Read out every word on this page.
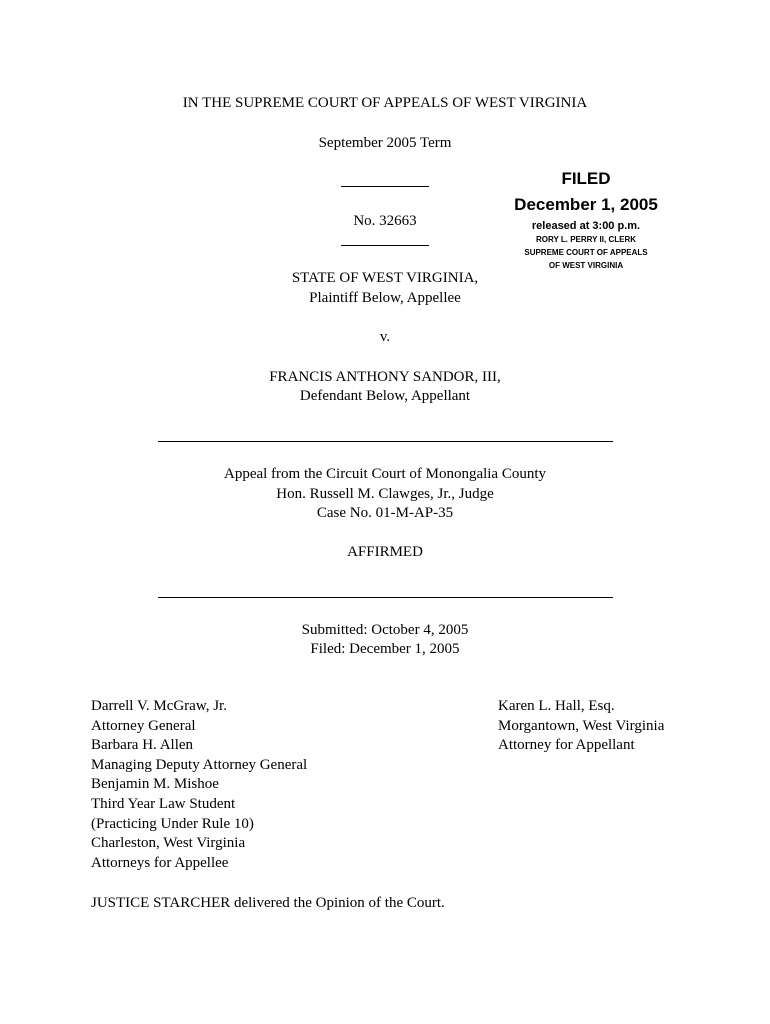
IN THE SUPREME COURT OF APPEALS OF WEST VIRGINIA
September 2005 Term
No. 32663
FILED
December 1, 2005
released at 3:00 p.m.
RORY L. PERRY II, CLERK
SUPREME COURT OF APPEALS
OF WEST VIRGINIA
STATE OF WEST VIRGINIA,
Plaintiff Below, Appellee
v.
FRANCIS ANTHONY SANDOR, III,
Defendant Below, Appellant
Appeal from the Circuit Court of Monongalia County
Hon. Russell M. Clawges, Jr., Judge
Case No. 01-M-AP-35
AFFIRMED
Submitted: October 4, 2005
Filed: December 1, 2005
Darrell V. McGraw, Jr.
Attorney General
Barbara H. Allen
Managing Deputy Attorney General
Benjamin M. Mishoe
Third Year Law Student
(Practicing Under Rule 10)
Charleston, West Virginia
Attorneys for Appellee
Karen L. Hall, Esq.
Morgantown, West Virginia
Attorney for Appellant
JUSTICE STARCHER delivered the Opinion of the Court.
